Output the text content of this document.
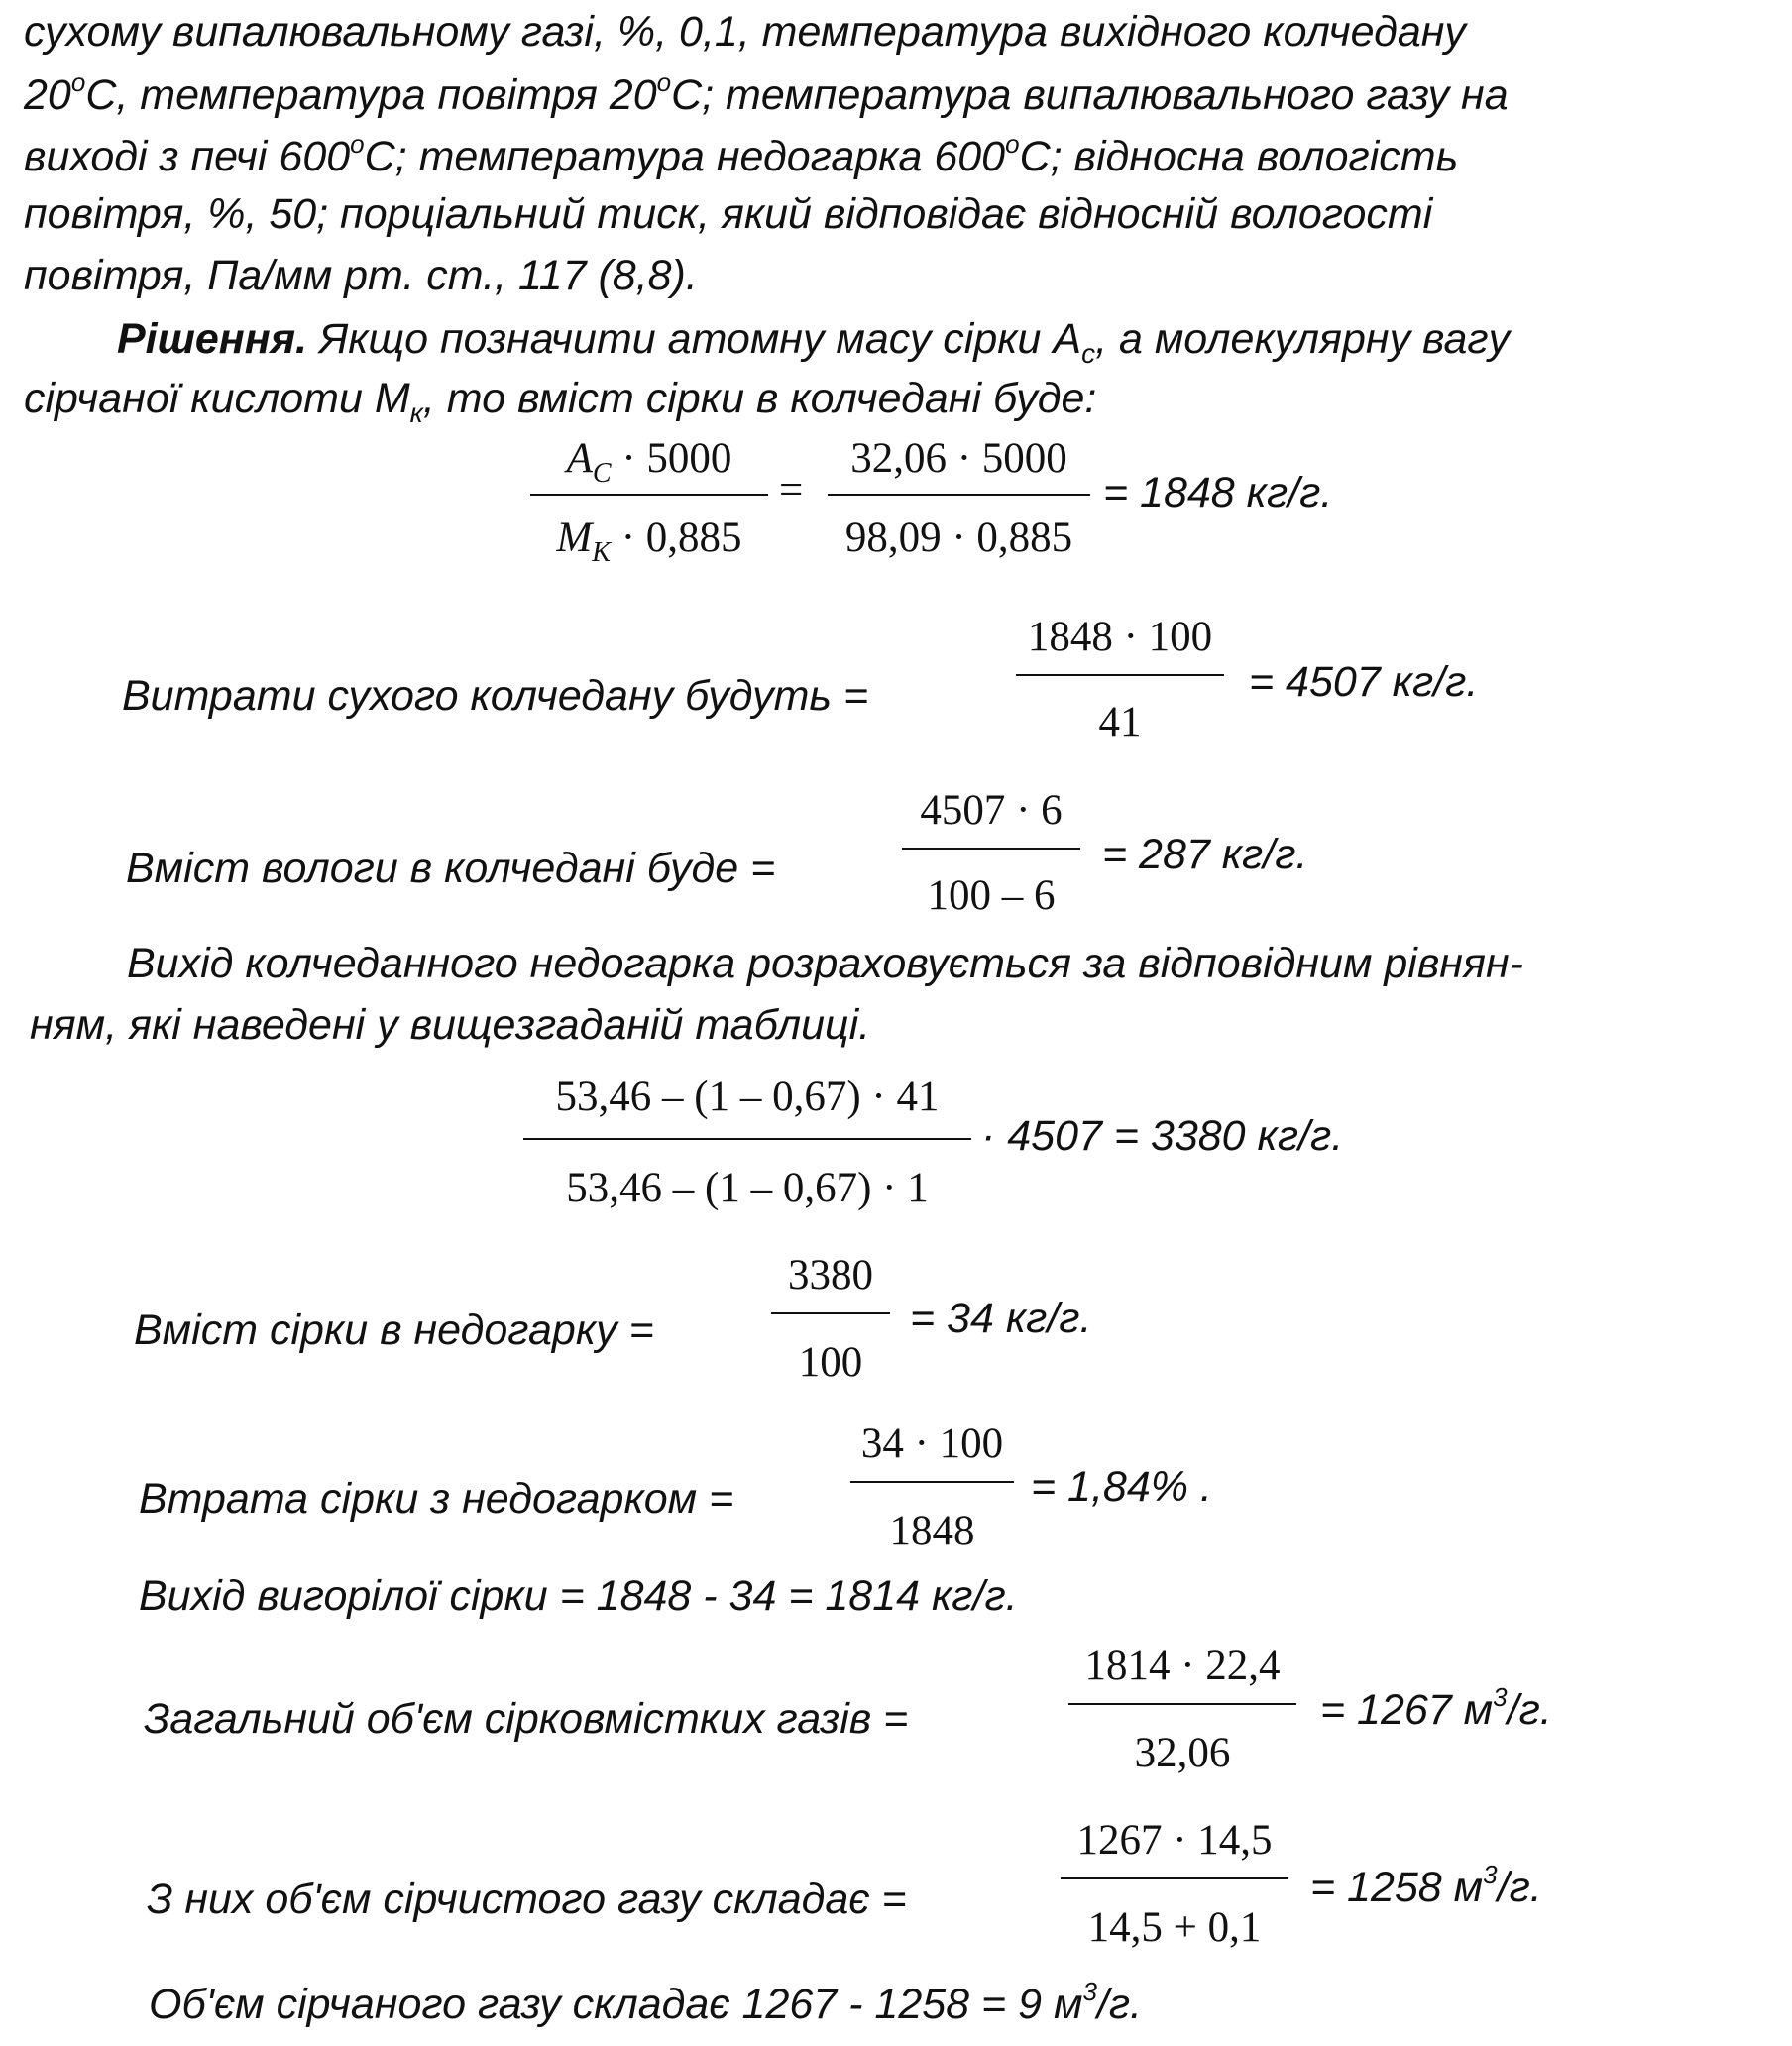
сухому випалювальному газі, %, 0,1, температура вихідного колчедану
20$^o$C, температура повітря 20$^o$C; температура випалювального газу на
виході з печі 600$^o$C; температура недогарка 600$^o$C; відносна вологість
повітря, %, 50; порціальний тиск, який відповідає відносній вологості
повітря, Па/мм рт. ст., 117 (8,8).
Рішення. Якщо позначити атомну масу сірки $A_c$, а молекулярну вагу
сірчаної кислоти $M_к$, то вміст сірки в колчедані буде:
$A_C \cdot 5000$
$M_K \cdot 0,885$
=
32,06 · 5000
98,09 · 0,885
= 1848 кг/г.
Витрати сухого колчедану будуть =
1848 · 100
41
= 4507 кг/г.
Вміст вологи в колчедані буде =
4507 · 6
100 – 6
= 287 кг/г.
Вихід колчеданного недогарка розраховується за відповідним рівнян-
ням, які наведені у вищезгаданій таблиці.
53,46 – (1 – 0,67) · 41
53,46 – (1 – 0,67) · 1
· 4507 = 3380 кг/г.
Вміст сірки в недогарку =
3380
100
= 34 кг/г.
Втрата сірки з недогарком =
34 · 100
1848
= 1,84% .
Вихід вигорілої сірки = 1848 - 34 = 1814 кг/г.
Загальний об'єм сірковмістких газів =
1814 · 22,4
32,06
= 1267 $м^3/г$.
З них об'єм сірчистого газу складає =
1267 · 14,5
14,5 + 0,1
= 1258 $м^3/г$.
Об'єм сірчаного газу складає 1267 - 1258 = 9 $м^3/г$.
